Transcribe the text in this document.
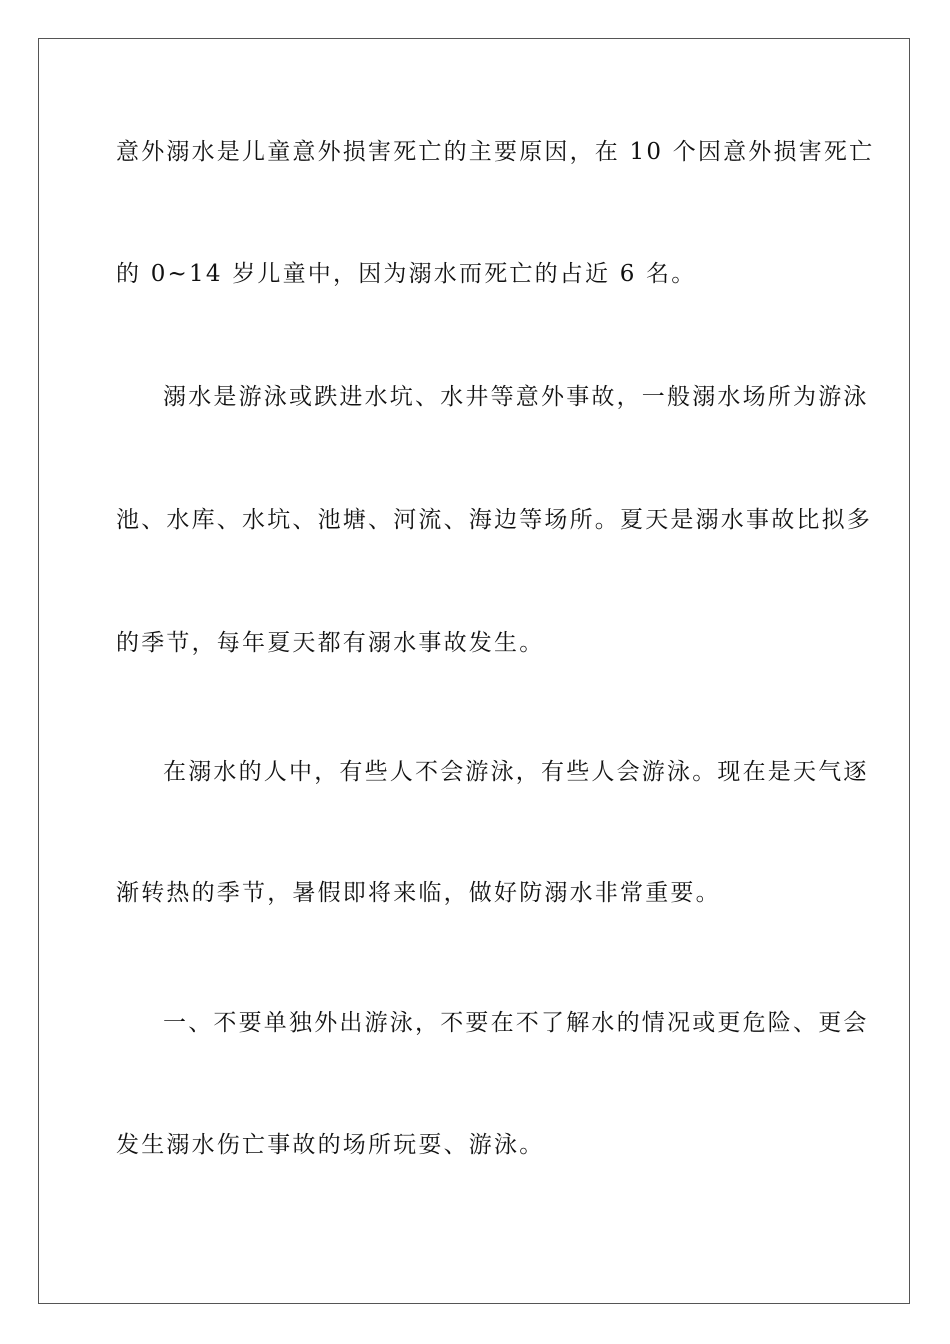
意外溺水是儿童意外损害死亡的主要原因，在 10 个因意外损害死亡

的 0~14 岁儿童中，因为溺水而死亡的占近 6 名。

溺水是游泳或跌进水坑、水井等意外事故，一般溺水场所为游泳

池、水库、水坑、池塘、河流、海边等场所。夏天是溺水事故比拟多

的季节，每年夏天都有溺水事故发生。

在溺水的人中，有些人不会游泳，有些人会游泳。现在是天气逐

渐转热的季节，暑假即将来临，做好防溺水非常重要。

一、不要单独外出游泳，不要在不了解水的情况或更危险、更会

发生溺水伤亡事故的场所玩耍、游泳。
